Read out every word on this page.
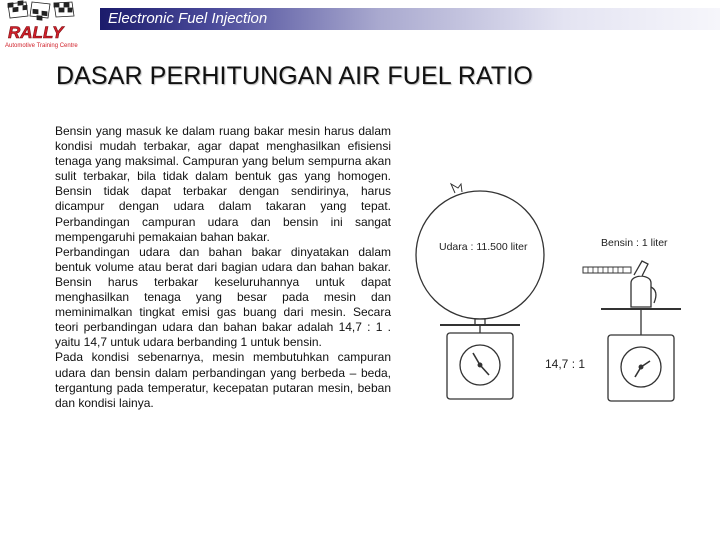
RALLY
Automotive Training Centre
Electronic Fuel Injection
DASAR PERHITUNGAN AIR FUEL RATIO

Bensin yang masuk ke dalam ruang bakar mesin harus dalam kondisi mudah terbakar, agar dapat menghasilkan efisiensi tenaga yang maksimal. Campuran yang belum sempurna akan sulit terbakar, bila tidak dalam bentuk gas yang homogen. Bensin tidak dapat terbakar dengan sendirinya, harus dicampur dengan udara dalam takaran yang tepat. Perbandingan campuran udara dan bensin ini sangat mempengaruhi pemakaian bahan bakar.

Perbandingan udara dan bahan bakar dinyatakan dalam bentuk volume atau berat dari bagian udara dan bahan bakar. Bensin harus terbakar keseluruhannya untuk dapat menghasilkan tenaga yang besar pada mesin dan meminimalkan tingkat emisi gas buang dari mesin. Secara teori perbandingan udara dan bahan bakar adalah 14,7 : 1 . yaitu 14,7 untuk udara berbanding 1 untuk bensin.

Pada kondisi sebenarnya, mesin membutuhkan campuran udara dan bensin dalam perbandingan yang berbeda – beda, tergantung pada temperatur, kecepatan putaran mesin, beban dan kondisi lainya.

Udara : 11.500 liter	Bensin : 1 liter
14,7 : 1
